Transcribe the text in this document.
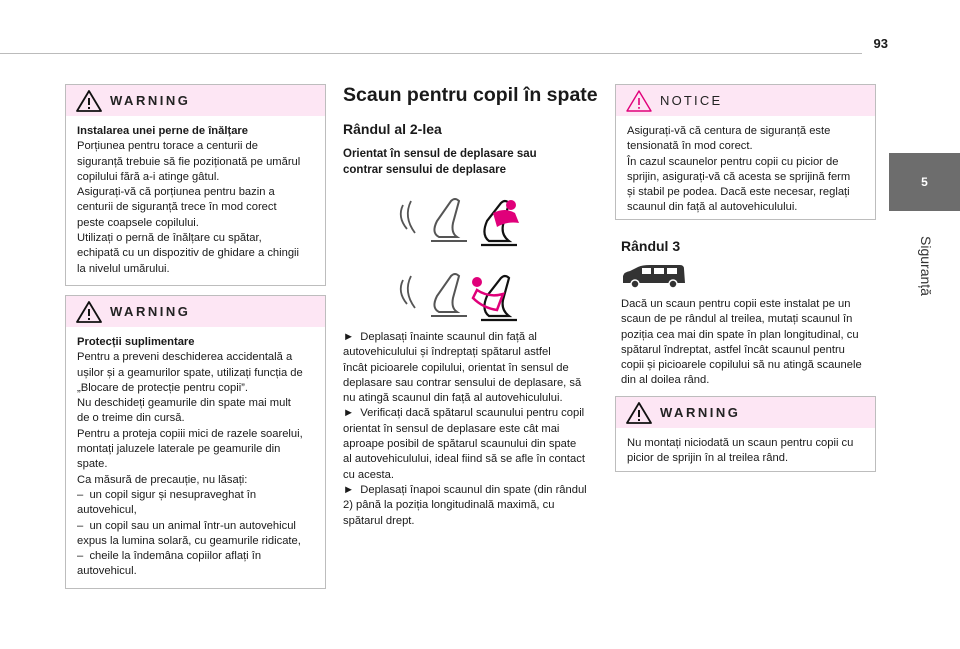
93
5
Siguranță
WARNING

Instalarea unei perne de înălțare

Porțiunea pentru torace a centurii de
siguranță trebuie să fie poziționată pe umărul
copilului fără a-i atinge gâtul.
Asigurați-vă că porțiunea pentru bazin a
centurii de siguranță trece în mod corect
peste coapsele copilului.
Utilizați o pernă de înălțare cu spătar,
echipată cu un dispozitiv de ghidare a chingii
la nivelul umărului.

WARNING

Protecții suplimentare

Pentru a preveni deschiderea accidentală a
ușilor și a geamurilor spate, utilizați funcția de
„Blocare de protecție pentru copii”.
Nu deschideți geamurile din spate mai mult
de o treime din cursă.
Pentru a proteja copiii mici de razele soarelui,
montați jaluzele laterale pe geamurile din
spate.
Ca măsură de precauție, nu lăsați:
–  un copil sigur și nesupraveghat în
autovehicul,
–  un copil sau un animal într-un autovehicul
expus la lumina solară, cu geamurile ridicate,
–  cheile la îndemâna copiilor aflați în
autovehicul.

Scaun pentru copil în spate
Rândul al 2-lea
Orientat în sensul de deplasare sau
contrar sensului de deplasare
►  Deplasați înainte scaunul din față al
autovehiculului și îndreptați spătarul astfel
încât picioarele copilului, orientat în sensul de
deplasare sau contrar sensului de deplasare, să
nu atingă scaunul din față al autovehiculului.
►  Verificați dacă spătarul scaunului pentru copil
orientat în sensul de deplasare este cât mai
aproape posibil de spătarul scaunului din spate
al autovehiculului, ideal fiind să se afle în contact
cu acesta.
►  Deplasați înapoi scaunul din spate (din rândul
2) până la poziția longitudinală maximă, cu
spătarul drept.
NOTICE

Asigurați-vă că centura de siguranță este
tensionată în mod corect.
În cazul scaunelor pentru copii cu picior de
sprijin, asigurați-vă că acesta se sprijină ferm
și stabil pe podea. Dacă este necesar, reglați
scaunul din față al autovehiculului.

Rândul 3
Dacă un scaun pentru copii este instalat pe un
scaun de pe rândul al treilea, mutați scaunul în
poziția cea mai din spate în plan longitudinal, cu
spătarul îndreptat, astfel încât scaunul pentru
copii și picioarele copilului să nu atingă scaunele
din al doilea rând.
WARNING

Nu montați niciodată un scaun pentru copii cu
picior de sprijin în al treilea rând.
